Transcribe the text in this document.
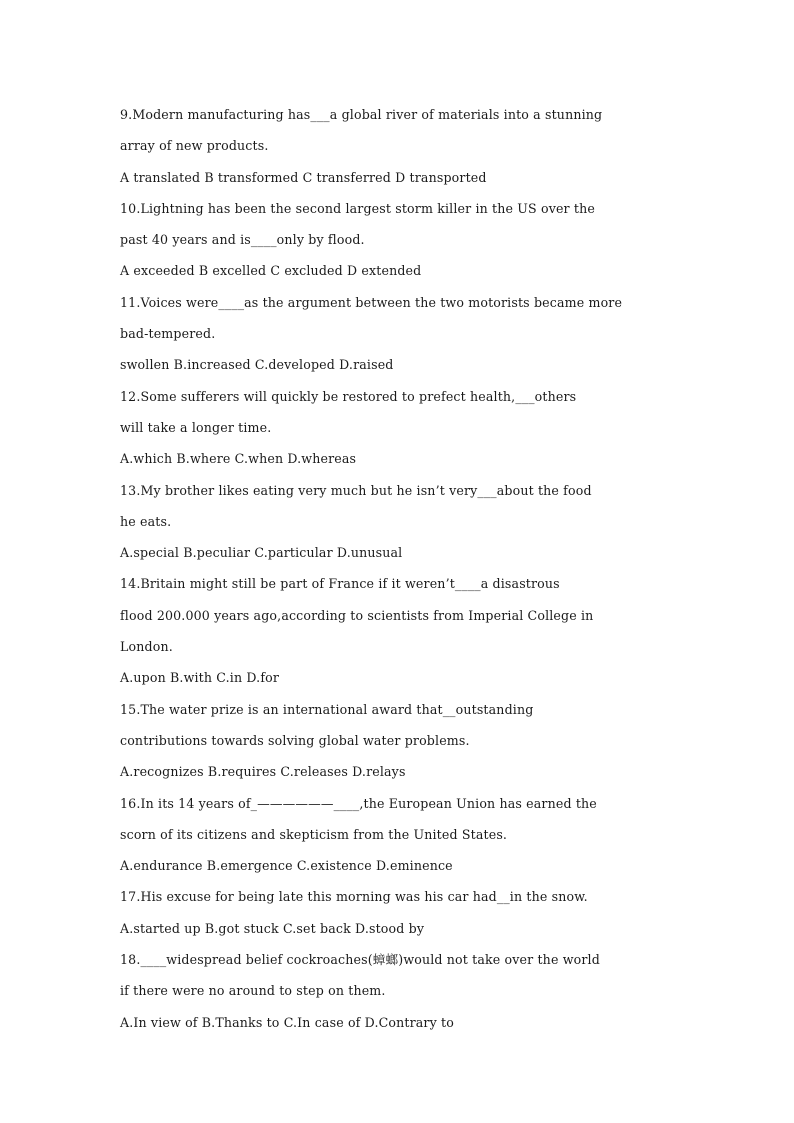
9.Modern manufacturing has___a global river of materials into a stunning
array of new products.
A translated B transformed C transferred D transported
10.Lightning has been the second largest storm killer in the US over the
past 40 years and is____only by flood.
A exceeded B excelled C excluded D extended
11.Voices were____as the argument between the two motorists became more
bad-tempered.
swollen B.increased C.developed D.raised
12.Some sufferers will quickly be restored to prefect health,___others
will take a longer time.
A.which B.where C.when D.whereas
13.My brother likes eating very much but he isn’t very___about the food
he eats.
A.special B.peculiar C.particular D.unusual
14.Britain might still be part of France if it weren’t____a disastrous
flood 200.000 years ago,according to scientists from Imperial College in
London.
A.upon B.with C.in D.for
15.The water prize is an international award that__outstanding
contributions towards solving global water problems.
A.recognizes B.requires C.releases D.relays
16.In its 14 years of_——————____,the European Union has earned the
scorn of its citizens and skepticism from the United States.
A.endurance B.emergence C.existence D.eminence
17.His excuse for being late this morning was his car had__in the snow.
A.started up B.got stuck C.set back D.stood by
18.____widespread belief cockroaches(蟑螂)would not take over the world
if there were no around to step on them.
A.In view of B.Thanks to C.In case of D.Contrary to
